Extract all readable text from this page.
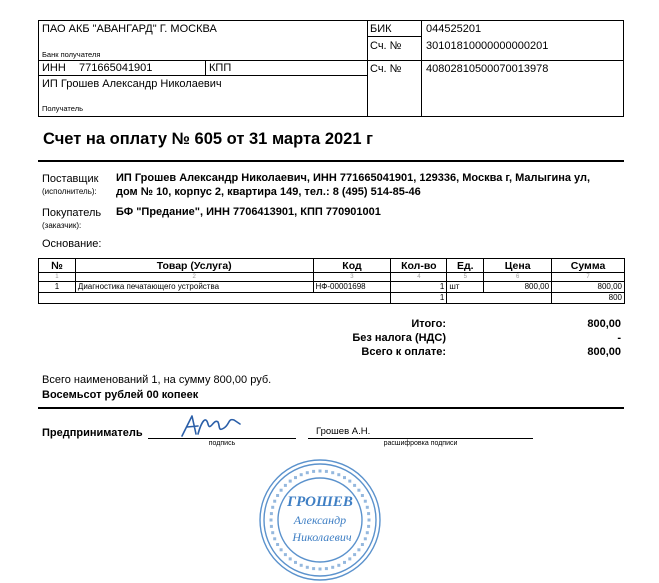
ПАО АКБ "АВАНГАРД" Г. МОСКВА
Банк получателя
БИК	044525201
Сч. № 30101810000000000201
ИНН 771665041901	КПП	Сч. № 40802810500070013978
ИП Грошев Александр Николаевич
Получатель
Счет на оплату № 605 от 31 марта 2021 г
Поставщик
(исполнитель):
ИП Грошев Александр Николаевич, ИНН 771665041901, 129336, Москва г, Малыгина ул,
дом № 10, корпус 2, квартира 149, тел.: 8 (495) 514-85-46
Покупатель
(заказчик):
БФ "Предание", ИНН 7706413901, КПП 770901001
Основание:
№	Товар (Услуга)	Код	Кол-во	Ед.	Цена	Сумма
1	2	3	4	5	6	7
1	Диагностика печатающего устройства	НФ-00001698	1	шт	800,00	800,00
			1			800
Итого:	800,00
Без налога (НДС)	-
Всего к оплате:	800,00
Всего наименований 1, на сумму 800,00 руб.
Восемьсот рублей 00 копеек
Предприниматель
подпись
Грошев А.Н.
расшифровка подписи
ГРОШЕВ
Александр
Николаевич
